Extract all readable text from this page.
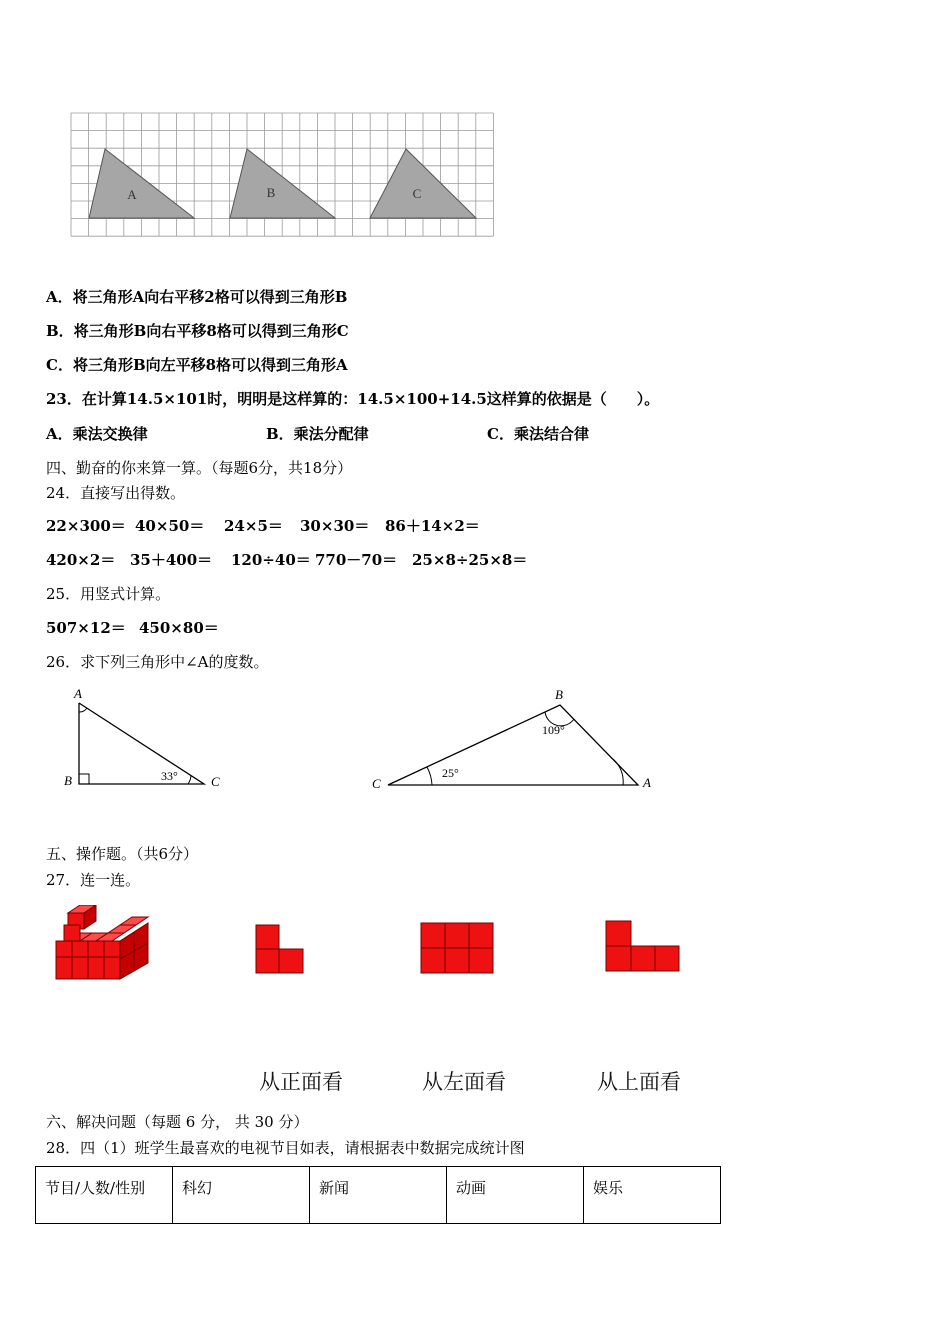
A	B	C
A．将三角形A向右平移2格可以得到三角形B
B．将三角形B向右平移8格可以得到三角形C
C．将三角形B向左平移8格可以得到三角形A
23．在计算14.5×101时，明明是这样算的：14.5×100+14.5这样算的依据是（　　）。
A．乘法交换律	B．乘法分配律	C．乘法结合律
四、勤奋的你来算一算。（每题6分，共18分）
24．直接写出得数。
22×300＝ 40×50＝ 24×5＝ 30×30＝ 86＋14×2＝
420×2＝ 35＋400＝ 120÷40＝ 770－70＝ 25×8÷25×8＝
25．用竖式计算。
507×12＝ 450×80＝
26．求下列三角形中∠A的度数。
A
B	C
33°
B
C	A
109°
25°
五、操作题。（共6分）
27．连一连。
从正面看	从左面看	从上面看
六、解决问题（每题 6 分， 共 30 分）
28．四（1）班学生最喜欢的电视节目如表，请根据表中数据完成统计图
节目/人数/性别	科幻	新闻	动画	娱乐
